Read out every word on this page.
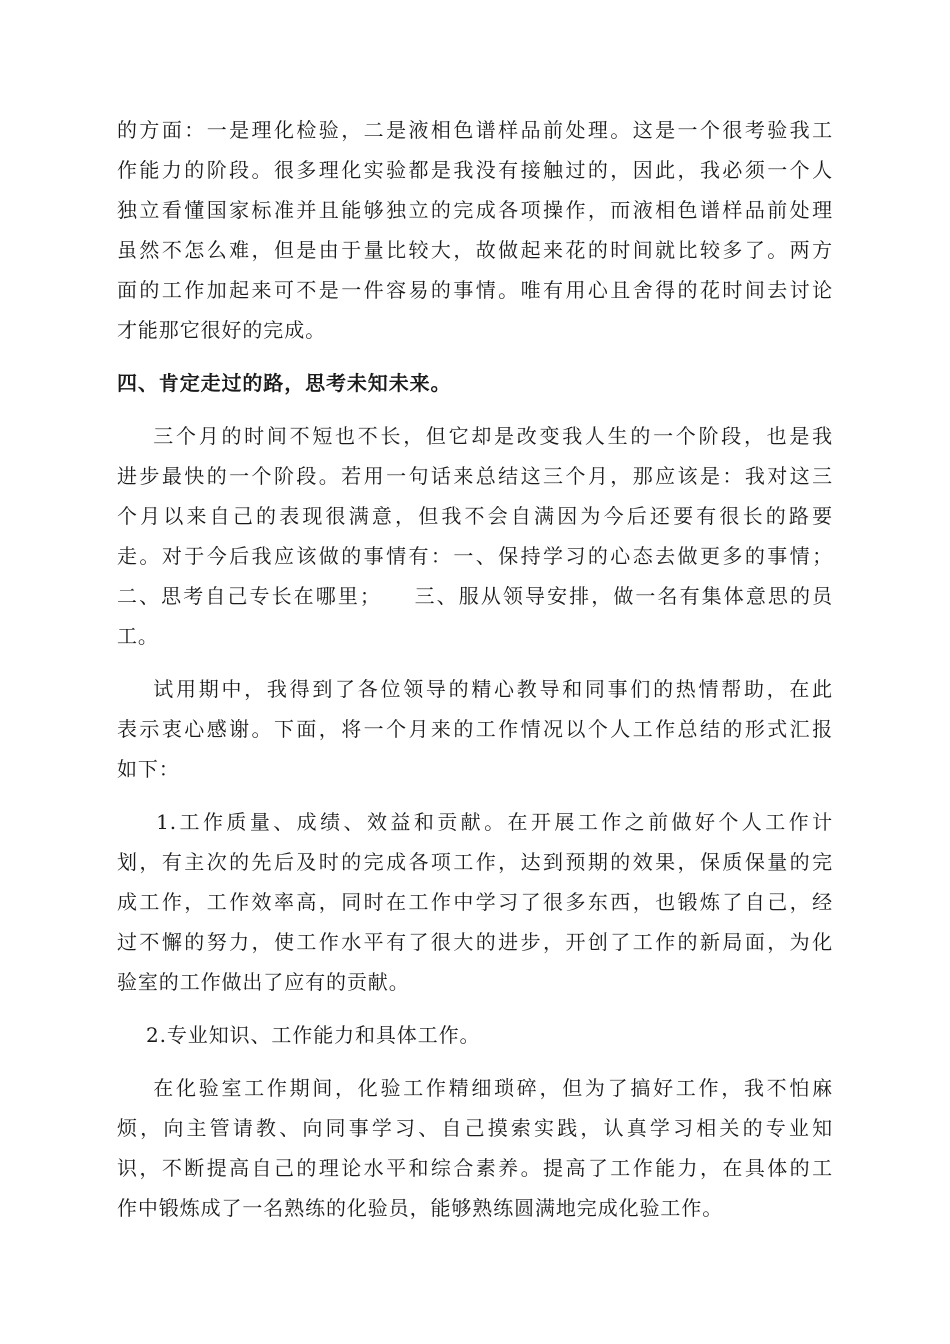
的方面：一是理化检验，二是液相色谱样品前处理。这是一个很考验我工
作能力的阶段。很多理化实验都是我没有接触过的，因此，我必须一个人
独立看懂国家标准并且能够独立的完成各项操作，而液相色谱样品前处理
虽然不怎么难，但是由于量比较大，故做起来花的时间就比较多了。两方
面的工作加起来可不是一件容易的事情。唯有用心且舍得的花时间去讨论
才能那它很好的完成。
四、肯定走过的路，思考未知未来。
三个月的时间不短也不长，但它却是改变我人生的一个阶段，也是我
进步最快的一个阶段。若用一句话来总结这三个月，那应该是：我对这三
个月以来自己的表现很满意，但我不会自满因为今后还要有很长的路要
走。对于今后我应该做的事情有：一、保持学习的心态去做更多的事情；
二、思考自己专长在哪里；    三、服从领导安排，做一名有集体意思的员
工。
试用期中，我得到了各位领导的精心教导和同事们的热情帮助，在此
表示衷心感谢。下面，将一个月来的工作情况以个人工作总结的形式汇报
如下：
1.工作质量、成绩、效益和贡献。在开展工作之前做好个人工作计
划，有主次的先后及时的完成各项工作，达到预期的效果，保质保量的完
成工作，工作效率高，同时在工作中学习了很多东西，也锻炼了自己，经
过不懈的努力，使工作水平有了很大的进步，开创了工作的新局面，为化
验室的工作做出了应有的贡献。
2.专业知识、工作能力和具体工作。
在化验室工作期间，化验工作精细琐碎，但为了搞好工作，我不怕麻
烦，向主管请教、向同事学习、自己摸索实践，认真学习相关的专业知
识，不断提高自己的理论水平和综合素养。提高了工作能力，在具体的工
作中锻炼成了一名熟练的化验员，能够熟练圆满地完成化验工作。
